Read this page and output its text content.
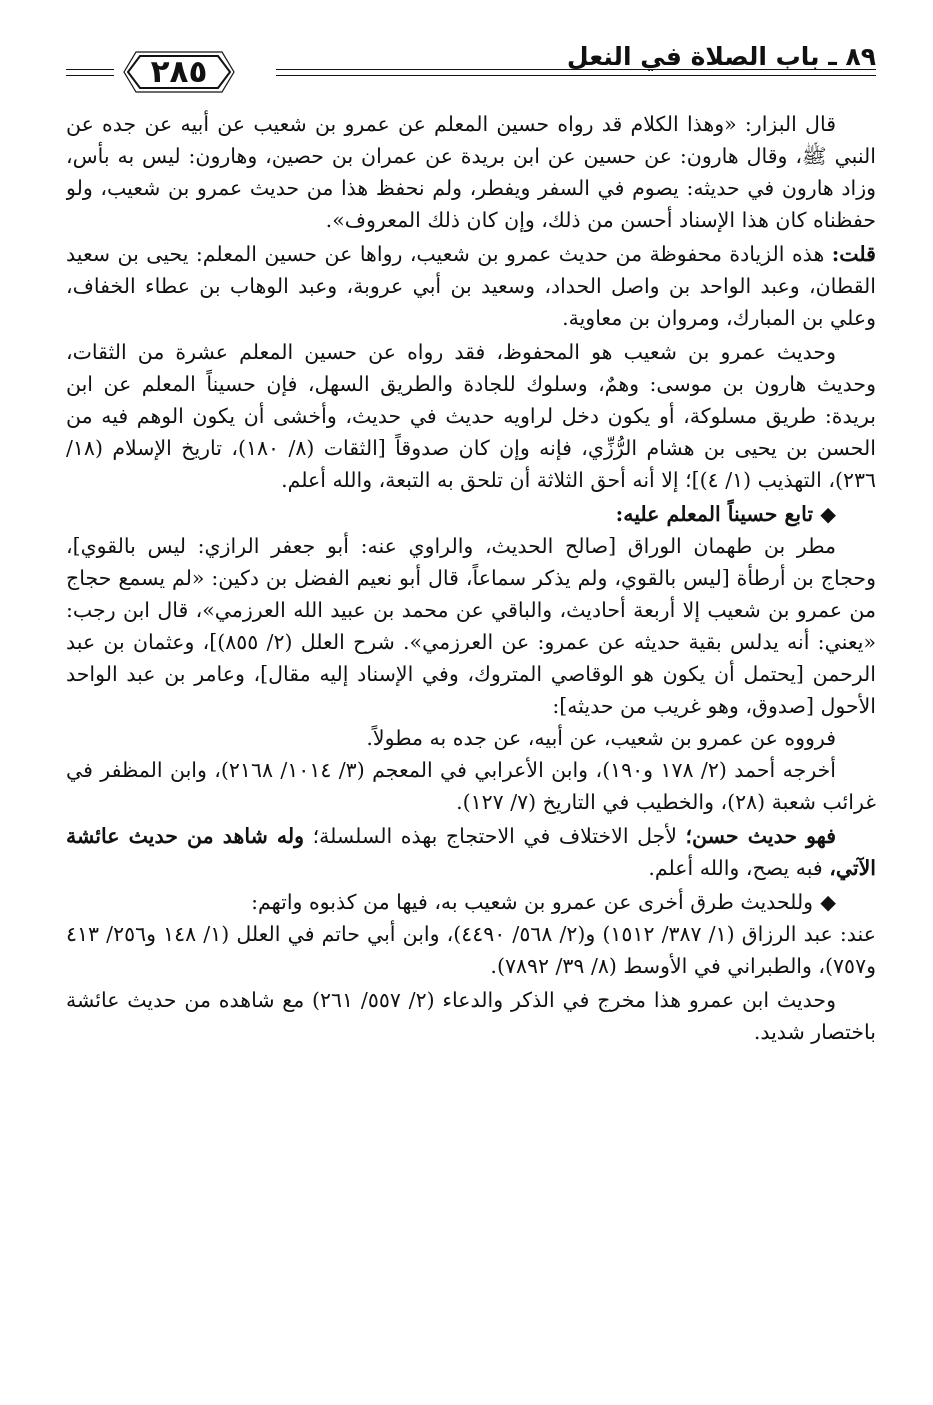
٨٩ ـ باب الصلاة في النعل
٢٨٥

قال البزار: «وهذا الكلام قد رواه حسين المعلم عن عمرو بن شعيب عن أبيه عن جده عن النبي ﷺ، وقال هارون: عن حسين عن ابن بريدة عن عمران بن حصين، وهارون: ليس به بأس، وزاد هارون في حديثه: يصوم في السفر ويفطر، ولم نحفظ هذا من حديث عمرو بن شعيب، ولو حفظناه كان هذا الإسناد أحسن من ذلك، وإن كان ذلك المعروف».

قلت: هذه الزيادة محفوظة من حديث عمرو بن شعيب، رواها عن حسين المعلم: يحيى بن سعيد القطان، وعبد الواحد بن واصل الحداد، وسعيد بن أبي عروبة، وعبد الوهاب بن عطاء الخفاف، وعلي بن المبارك، ومروان بن معاوية.

وحديث عمرو بن شعيب هو المحفوظ، فقد رواه عن حسين المعلم عشرة من الثقات، وحديث هارون بن موسى: وهمٌ، وسلوك للجادة والطريق السهل، فإن حسيناً المعلم عن ابن بريدة: طريق مسلوكة، أو يكون دخل لراويه حديث في حديث، وأخشى أن يكون الوهم فيه من الحسن بن يحيى بن هشام الرُّزِّي، فإنه وإن كان صدوقاً [الثقات (٨/ ١٨٠)، تاريخ الإسلام (١٨/ ٢٣٦)، التهذيب (١/ ٤)]؛ إلا أنه أحق الثلاثة أن تلحق به التبعة، والله أعلم.

◆ تابع حسيناً المعلم عليه:

مطر بن طهمان الوراق [صالح الحديث، والراوي عنه: أبو جعفر الرازي: ليس بالقوي]، وحجاج بن أرطأة [ليس بالقوي، ولم يذكر سماعاً، قال أبو نعيم الفضل بن دكين: «لم يسمع حجاج من عمرو بن شعيب إلا أربعة أحاديث، والباقي عن محمد بن عبيد الله العرزمي»، قال ابن رجب: «يعني: أنه يدلس بقية حديثه عن عمرو: عن العرزمي». شرح العلل (٢/ ٨٥٥)]، وعثمان بن عبد الرحمن [يحتمل أن يكون هو الوقاصي المتروك، وفي الإسناد إليه مقال]، وعامر بن عبد الواحد الأحول [صدوق، وهو غريب من حديثه]:

فرووه عن عمرو بن شعيب، عن أبيه، عن جده به مطولاً.

أخرجه أحمد (٢/ ١٧٨ و١٩٠)، وابن الأعرابي في المعجم (٣/ ١٠١٤/ ٢١٦٨)، وابن المظفر في غرائب شعبة (٢٨)، والخطيب في التاريخ (٧/ ١٢٧).

فهو حديث حسن؛ لأجل الاختلاف في الاحتجاج بهذه السلسلة؛ وله شاهد من حديث عائشة الآتي، فبه يصح، والله أعلم.

◆ وللحديث طرق أخرى عن عمرو بن شعيب به، فيها من كذبوه واتهم:

عند: عبد الرزاق (١/ ٣٨٧/ ١٥١٢) و(٢/ ٥٦٨/ ٤٤٩٠)، وابن أبي حاتم في العلل (١/ ١٤٨ و٢٥٦/ ٤١٣ و٧٥٧)، والطبراني في الأوسط (٨/ ٣٩/ ٧٨٩٢).

وحديث ابن عمرو هذا مخرج في الذكر والدعاء (٢/ ٥٥٧/ ٢٦١) مع شاهده من حديث عائشة باختصار شديد.
